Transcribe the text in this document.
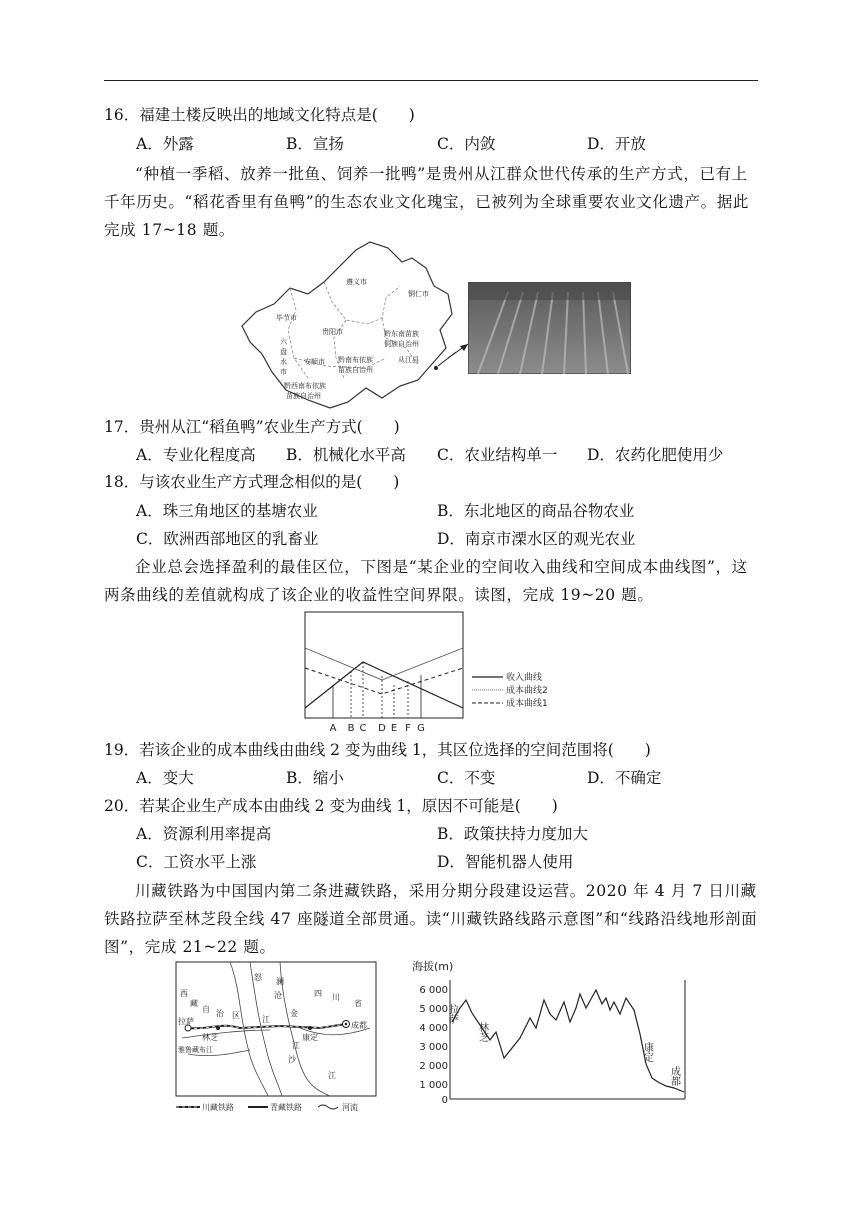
16．福建土楼反映出的地域文化特点是(　　)
A．外露	B．宣扬	C．内敛	D．开放
“种植一季稻、放养一批鱼、饲养一批鸭”是贵州从江群众世代传承的生产方式，已有上千年历史。“稻花香里有鱼鸭”的生态农业文化瑰宝，已被列为全球重要农业文化遗产。据此完成 17~18 题。
遵义市
铜仁市
毕节市
贵阳市	黔东南苗族
侗族自治州
六
盘
水
市
安顺市 黔南布依族
苗族自治州
从江县
黔西南布依族
苗族自治州
17．贵州从江“稻鱼鸭”农业生产方式(　　)
A．专业化程度高 B．机械化水平高 C．农业结构单一 D．农药化肥使用少
18．与该农业生产方式理念相似的是(　　)
A．珠三角地区的基塘农业	B．东北地区的商品谷物农业
C．欧洲西部地区的乳畜业	D．南京市溧水区的观光农业
企业总会选择盈利的最佳区位，下图是“某企业的空间收入曲线和空间成本曲线图”，这两条曲线的差值就构成了该企业的收益性空间界限。读图，完成 19~20 题。
A B C D E F G
收入曲线
成本曲线2
成本曲线1
19．若该企业的成本曲线由曲线 2 变为曲线 1，其区位选择的空间范围将(　　)
A．变大	B．缩小	C．不变	D．不确定
20．若某企业生产成本由曲线 2 变为曲线 1，原因不可能是(　　)
A．资源利用率提高	B．政策扶持力度加大
C．工资水平上涨	D．智能机器人使用
川藏铁路为中国国内第二条进藏铁路，采用分期分段建设运营。2020 年 4 月 7 日川藏铁路拉萨至林芝段全线 47 座隧道全部贯通。读“川藏铁路线路示意图”和“线路沿线地形剖面图”，完成 21~22 题。
西
藏
自 治 区
拉萨
林芝
雅鲁藏布江
怒
江
澜
沧
金
沙
江
康定
四 川
省
成都
江
川藏铁路	青藏铁路	河流
海拔(m)
6 000
5 000
4 000
3 000
2 000
1 000
0
拉萨
林芝
康定
成都
